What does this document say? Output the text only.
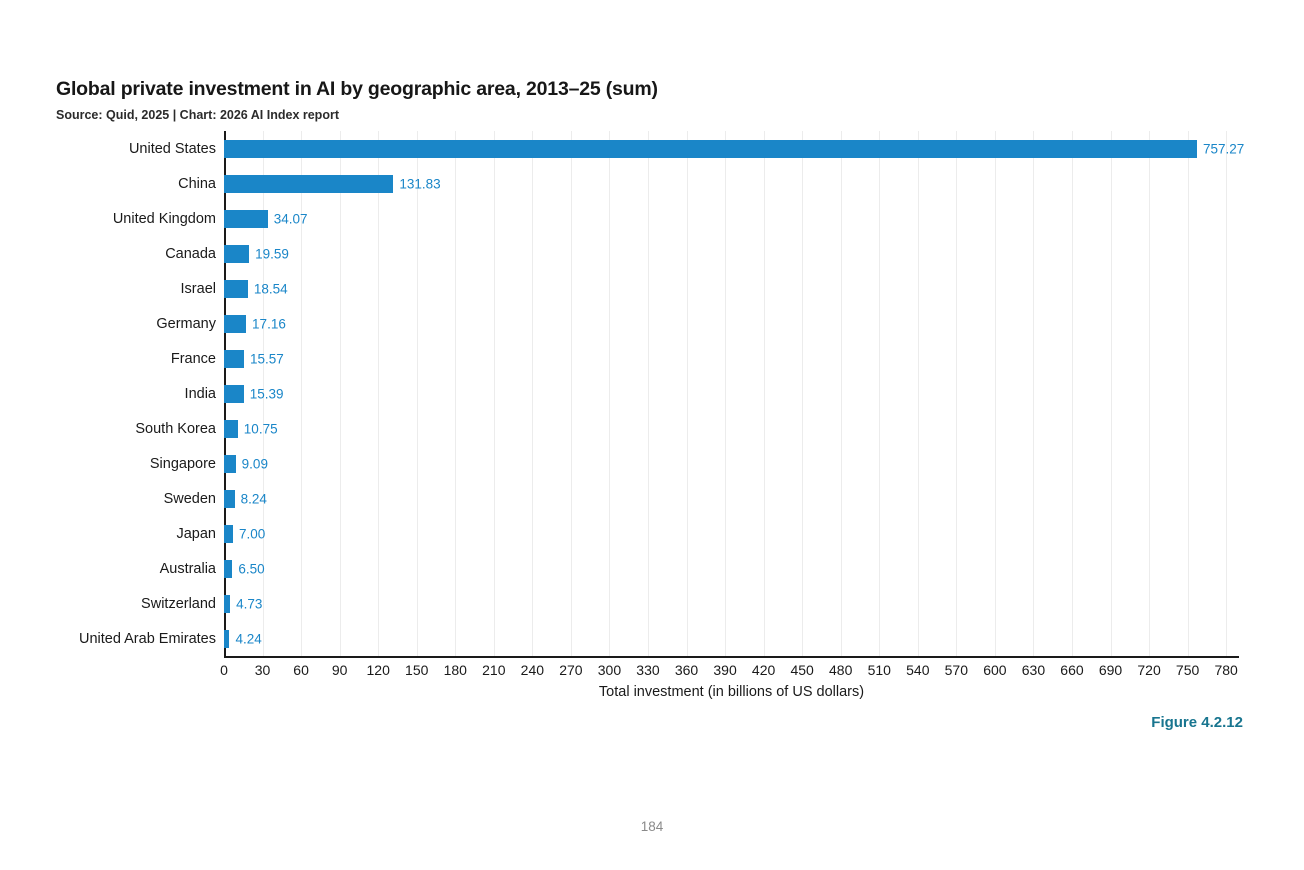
Global private investment in AI by geographic area, 2013–25 (sum)
Source: Quid, 2025 | Chart: 2026 AI Index report
United States	757.27
China	131.83
United Kingdom	34.07
Canada	19.59
Israel	18.54
Germany	17.16
France	15.57
India	15.39
South Korea 10.75
Singapore 9.09
Sweden 8.24
Japan 7.00
Australia 6.50
Switzerland 4.73
United Arab Emirates 4.24
0 30 60 90 120 150 180 210 240 270 300 330 360 390 420 450 480 510 540 570 600 630 660 690 720 750 780
Total investment (in billions of US dollars)
Figure 4.2.12
184
